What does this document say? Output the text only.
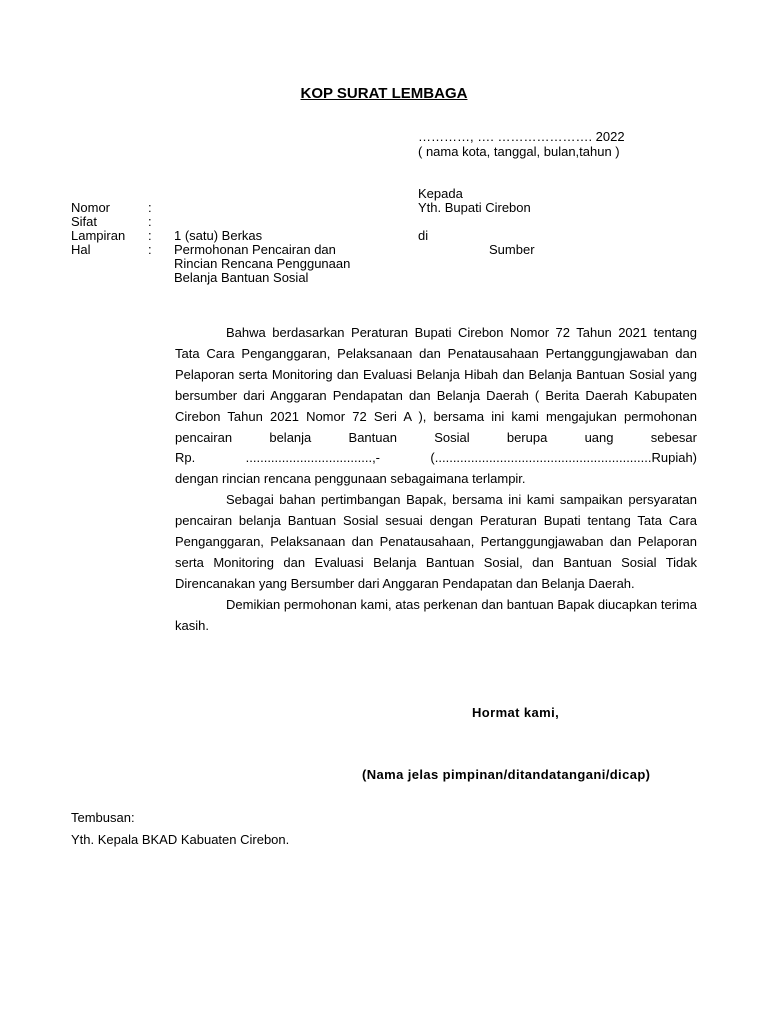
KOP SURAT LEMBAGA
…………, …. …………………. 2022
( nama kota, tanggal, bulan,tahun )
Kepada
Yth. Bupati Cirebon
di
Sumber
Nomor	:
Sifat	:
Lampiran : 1 (satu) Berkas
Hal	: Permohonan Pencairan dan
Rincian Rencana Penggunaan
Belanja Bantuan Sosial

Bahwa berdasarkan Peraturan Bupati Cirebon Nomor 72 Tahun 2021 tentang Tata Cara Penganggaran, Pelaksanaan dan Penatausahaan Pertanggungjawaban dan Pelaporan serta Monitoring dan Evaluasi Belanja Hibah dan Belanja Bantuan Sosial yang bersumber dari Anggaran Pendapatan dan Belanja Daerah ( Berita Daerah Kabupaten Cirebon Tahun 2021 Nomor 72 Seri A ), bersama ini kami mengajukan permohonan pencairan belanja Bantuan Sosial berupa uang sebesar

Rp. ...................................,- (............................................................Rupiah)
dengan rincian rencana penggunaan sebagaimana terlampir.

Sebagai bahan pertimbangan Bapak, bersama ini kami sampaikan persyaratan pencairan belanja Bantuan Sosial sesuai dengan Peraturan Bupati tentang Tata Cara Penganggaran, Pelaksanaan dan Penatausahaan, Pertanggungjawaban dan Pelaporan serta Monitoring dan Evaluasi Belanja Bantuan Sosial, dan Bantuan Sosial Tidak Direncanakan yang Bersumber dari Anggaran Pendapatan dan Belanja Daerah.

Demikian permohonan kami, atas perkenan dan bantuan Bapak diucapkan terima kasih.

Hormat kami,
(Nama jelas pimpinan/ditandatangani/dicap)
Tembusan:
Yth. Kepala BKAD Kabuaten Cirebon.
